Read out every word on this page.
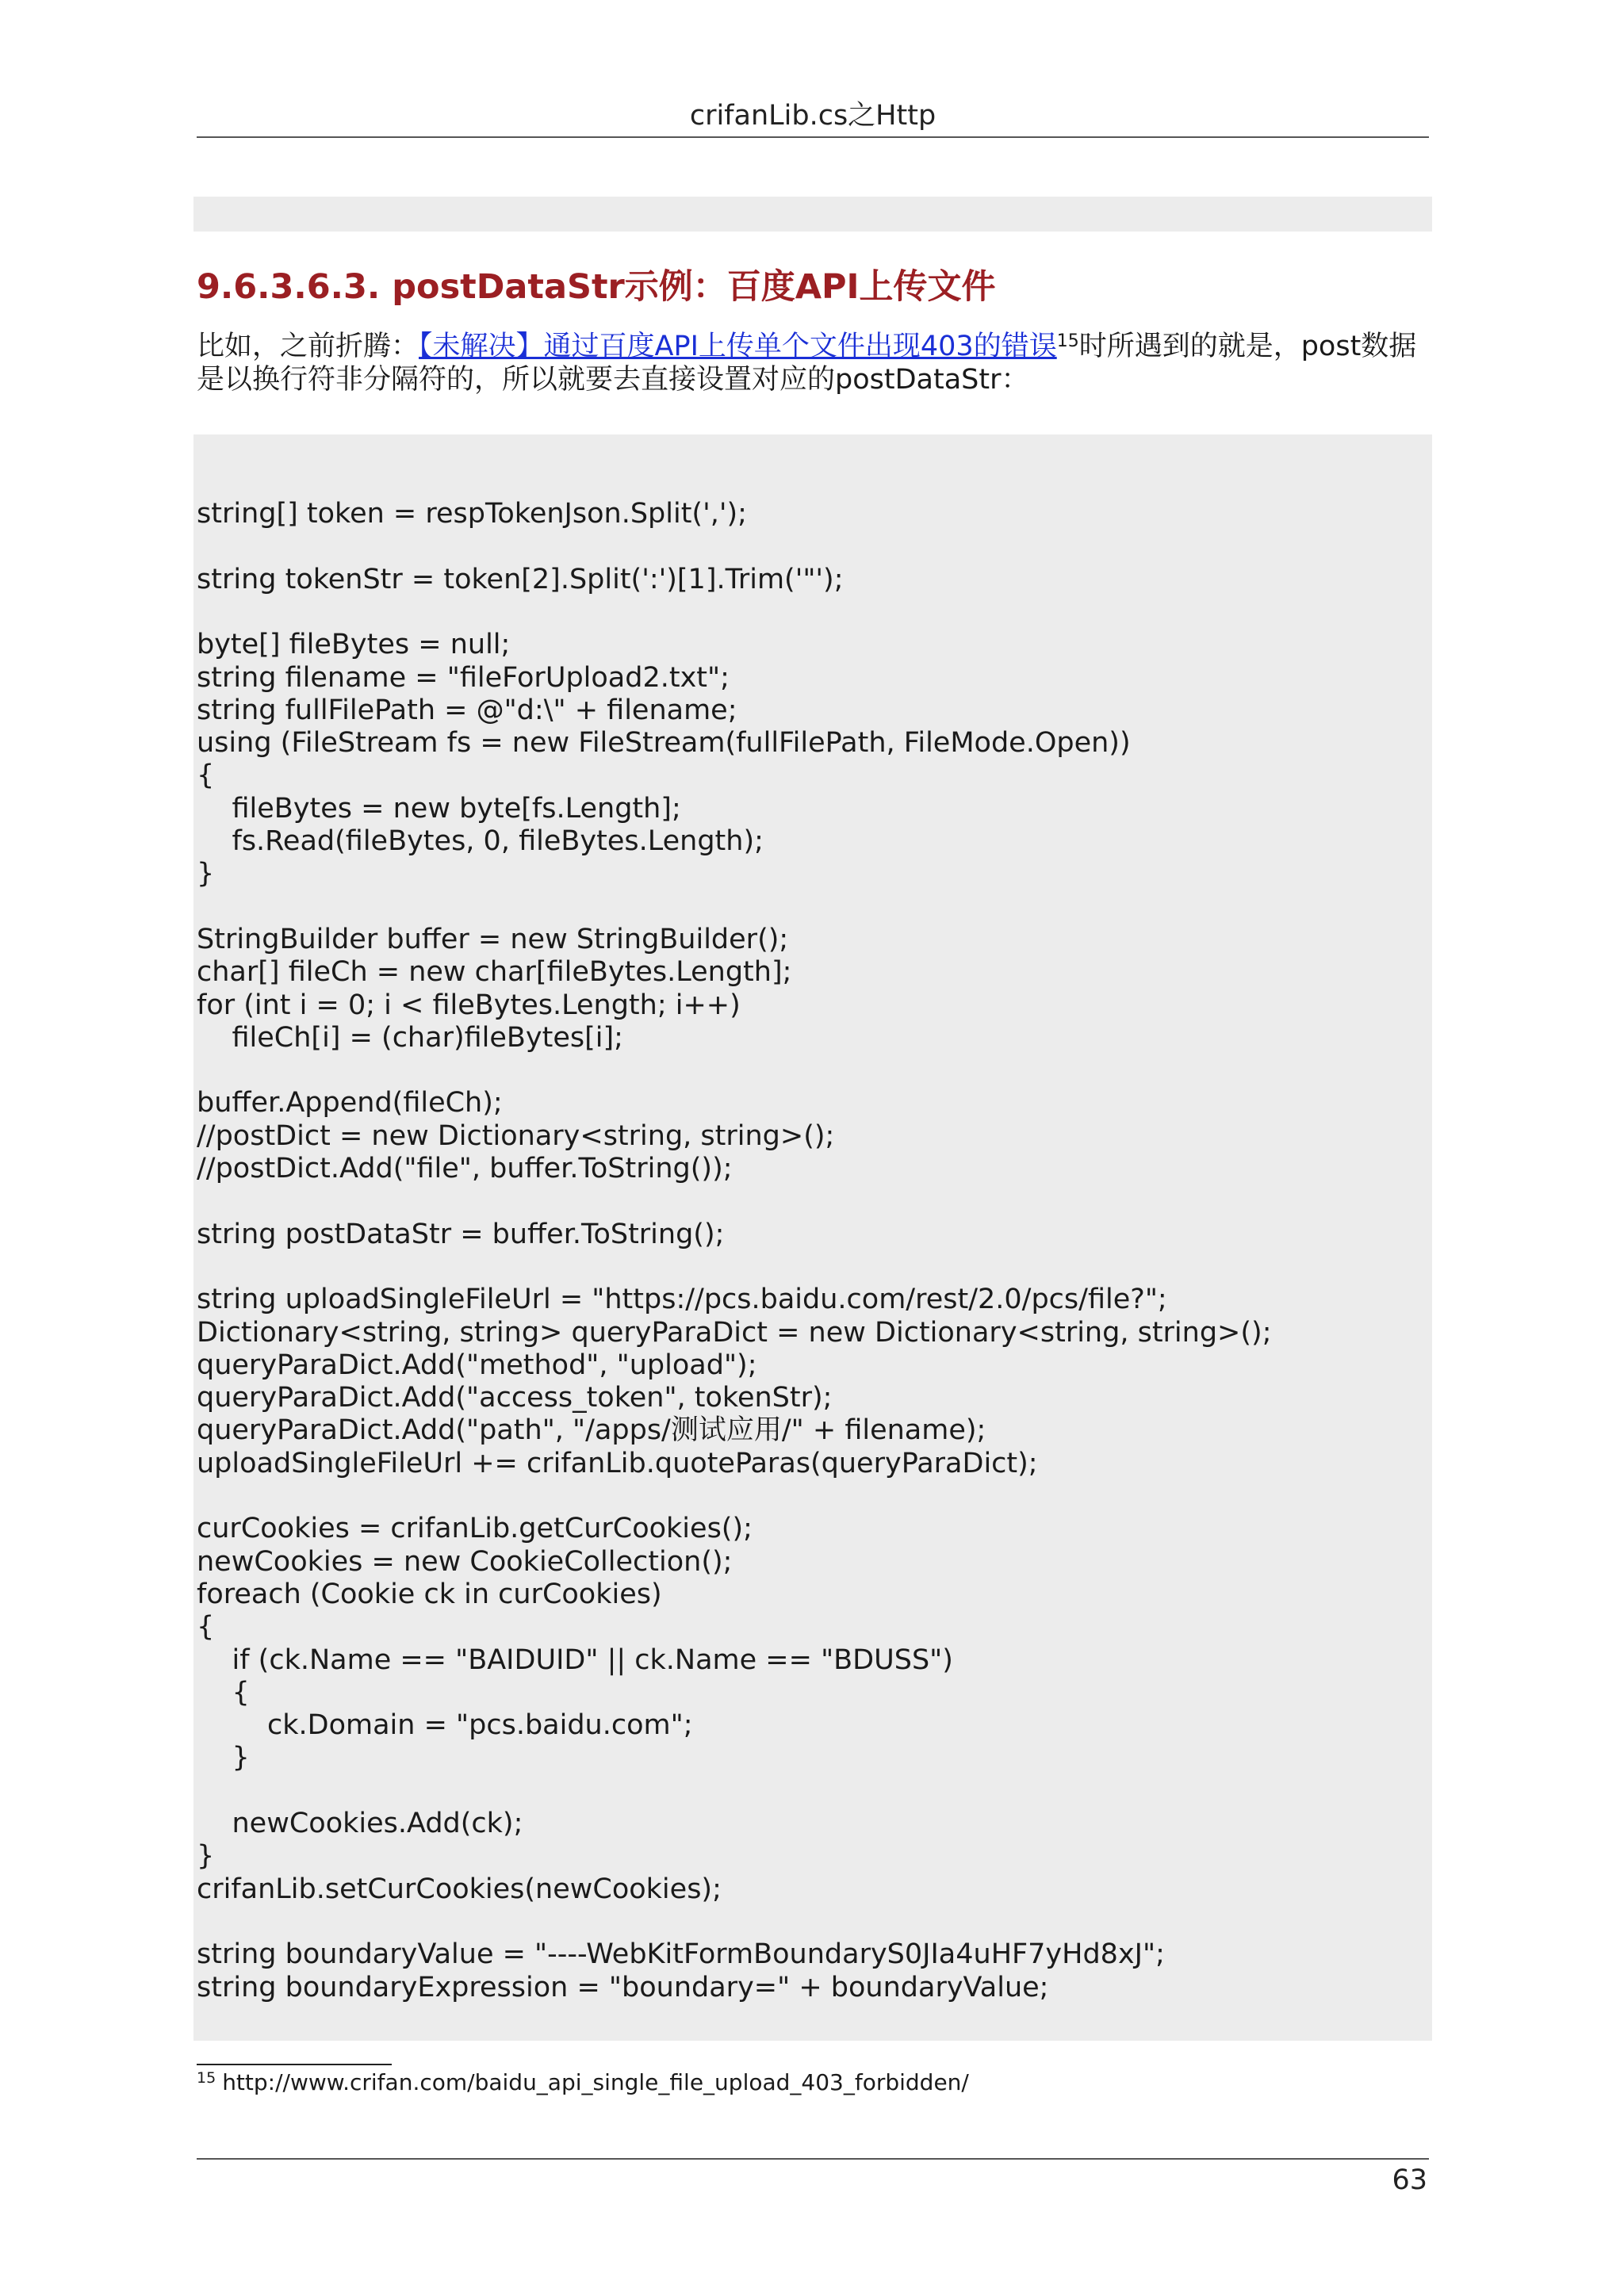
crifanLib.cs之Http
9.6.3.6.3. postDataStr示例：百度API上传文件
比如，之前折腾：【未解决】通过百度API上传单个文件出现403的错误$^{15}$时所遇到的就是，post数据
是以换行符非分隔符的，所以就要去直接设置对应的postDataStr：
string[] token = respTokenJson.Split(',');
string tokenStr = token[2].Split(':')[1].Trim('"');
byte[] fileBytes = null;
string filename = "fileForUpload2.txt";
string fullFilePath = @"d:\" + filename;
using (FileStream fs = new FileStream(fullFilePath, FileMode.Open))
{
fileBytes = new byte[fs.Length];
fs.Read(fileBytes, 0, fileBytes.Length);
}
StringBuilder buffer = new StringBuilder();
char[] fileCh = new char[fileBytes.Length];
for (int i = 0; i < fileBytes.Length; i++)
fileCh[i] = (char)fileBytes[i];
buffer.Append(fileCh);
//postDict = new Dictionary<string, string>();
//postDict.Add("file", buffer.ToString());
string postDataStr = buffer.ToString();
string uploadSingleFileUrl = "https://pcs.baidu.com/rest/2.0/pcs/file?";
Dictionary<string, string> queryParaDict = new Dictionary<string, string>();
queryParaDict.Add("method", "upload");
queryParaDict.Add("access_token", tokenStr);
queryParaDict.Add("path", "/apps/测试应用/" + filename);
uploadSingleFileUrl += crifanLib.quoteParas(queryParaDict);
curCookies = crifanLib.getCurCookies();
newCookies = new CookieCollection();
foreach (Cookie ck in curCookies)
{
if (ck.Name == "BAIDUID" || ck.Name == "BDUSS")
{
ck.Domain = "pcs.baidu.com";
}
newCookies.Add(ck);
}
crifanLib.setCurCookies(newCookies);
string boundaryValue = "----WebKitFormBoundaryS0JIa4uHF7yHd8xJ";
string boundaryExpression = "boundary=" + boundaryValue;
$^{15}$ http://www.crifan.com/baidu_api_single_file_upload_403_forbidden/
63
